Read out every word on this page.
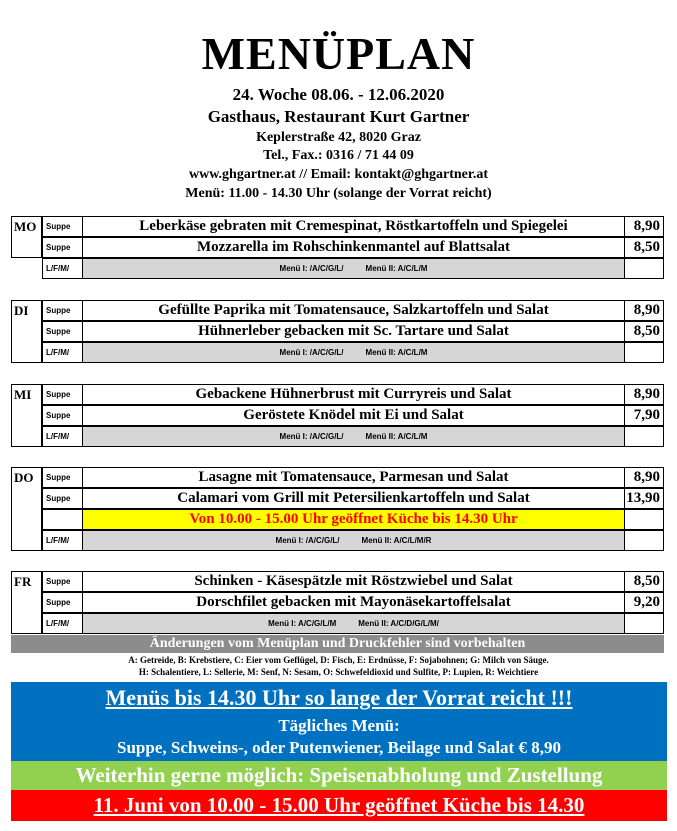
MENÜPLAN
24. Woche 08.06. - 12.06.2020
Gasthaus, Restaurant Kurt Gartner
Keplerstraße 42, 8020 Graz
Tel., Fax.: 0316 / 71 44 09
www.ghgartner.at // Email: kontakt@ghgartner.at
Menü: 11.00 - 14.30 Uhr (solange der Vorrat reicht)
MO	Suppe	Leberkäse gebraten mit Cremespinat, Röstkartoffeln und Spiegelei	8,90
Suppe	Mozzarella im Rohschinkenmantel auf Blattsalat	8,50
L/F/M/	Menü I: /A/C/G/L/	Menü II: A/C/L/M
DI	Suppe	Gefüllte Paprika mit Tomatensauce, Salzkartoffeln und Salat	8,90
Suppe	Hühnerleber gebacken mit Sc. Tartare und Salat	8,50
L/F/M/	Menü I: /A/C/G/L/	Menü II: A/C/L/M
MI	Suppe	Gebackene Hühnerbrust mit Curryreis und Salat	8,90
Suppe	Geröstete Knödel mit Ei und Salat	7,90
L/F/M/	Menü I: /A/C/G/L/	Menü II: A/C/L/M
DO	Suppe	Lasagne mit Tomatensauce, Parmesan und Salat	8,90
Suppe	Calamari vom Grill mit Petersilienkartoffeln und Salat	13,90
Von 10.00 - 15.00 Uhr geöffnet Küche bis 14.30 Uhr
L/F/M/	Menü I: /A/C/G/L/	Menü II: A/C/L/M/R
FR	Suppe	Schinken - Käsespätzle mit Röstzwiebel und Salat	8,50
Suppe	Dorschfilet gebacken mit Mayonäsekartoffelsalat	9,20
L/F/M/	Menü I: A/C/G/L/M	Menü II: A/C/D/G/L/M/
Änderungen vom Menüplan und Druckfehler sind vorbehalten
A: Getreide, B: Krebstiere, C: Eier vom Geflügel, D: Fisch, E: Erdnüsse, F: Sojabohnen; G: Milch von Säuge.
H: Schalentiere, L: Sellerie, M: Senf, N: Sesam, O: Schwefeldioxid und Sulfite, P: Lupien, R: Weichtiere
Menüs bis 14.30 Uhr so lange der Vorrat reicht !!!
Tägliches Menü:
Suppe, Schweins-, oder Putenwiener, Beilage und Salat € 8,90
Weiterhin gerne möglich: Speisenabholung und Zustellung
11. Juni von 10.00 - 15.00 Uhr geöffnet Küche bis 14.30
